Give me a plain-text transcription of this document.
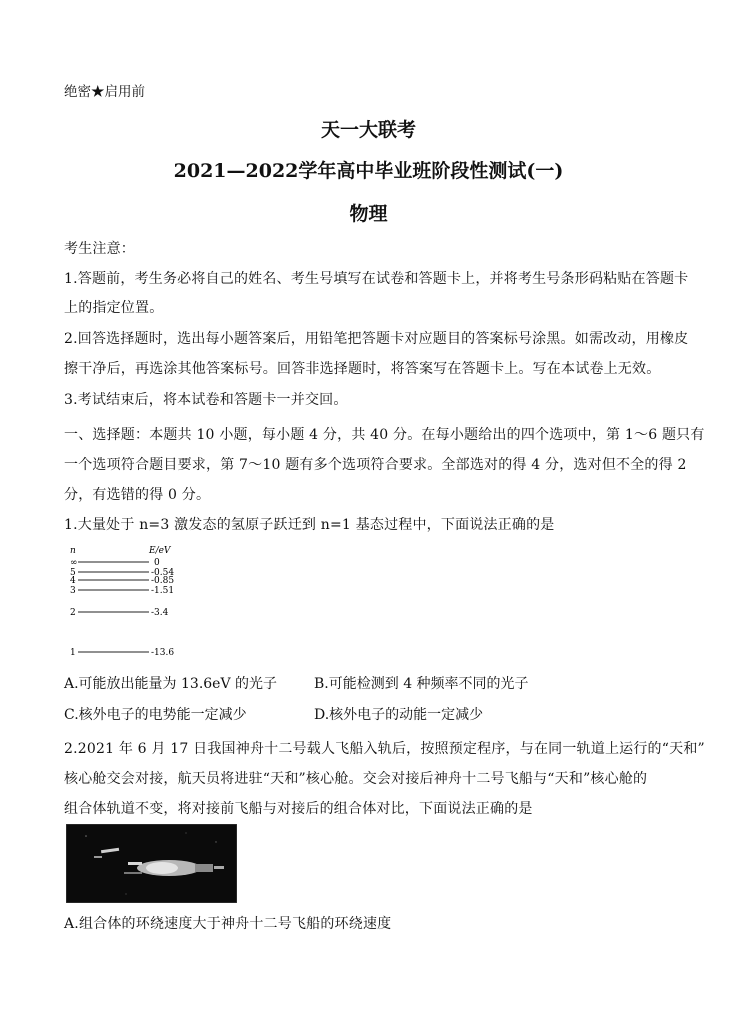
绝密★启用前
天一大联考
2021—2022学年高中毕业班阶段性测试(一)
物理
考生注意：
1.答题前，考生务必将自己的姓名、考生号填写在试卷和答题卡上，并将考生号条形码粘贴在答题卡
上的指定位置。
2.回答选择题时，选出每小题答案后，用铅笔把答题卡对应题目的答案标号涂黑。如需改动，用橡皮
擦干净后，再选涂其他答案标号。回答非选择题时，将答案写在答题卡上。写在本试卷上无效。
3.考试结束后，将本试卷和答题卡一并交回。
一、选择题：本题共 10 小题，每小题 4 分，共 40 分。在每小题给出的四个选项中，第 1～6 题只有
一个选项符合题目要求，第 7～10 题有多个选项符合要求。全部选对的得 4 分，选对但不全的得 2
分，有选错的得 0 分。
1.大量处于 n=3 激发态的氢原子跃迁到 n=1 基态过程中，下面说法正确的是
n	E/eV
∞	0
5	-0.54
4	-0.85
3	-1.51
2	-3.4
1	-13.6
A.可能放出能量为 13.6eV 的光子	B.可能检测到 4 种频率不同的光子
C.核外电子的电势能一定减少	D.核外电子的动能一定减少
2.2021 年 6 月 17 日我国神舟十二号载人飞船入轨后，按照预定程序，与在同一轨道上运行的“天和”
核心舱交会对接，航天员将进驻“天和”核心舱。交会对接后神舟十二号飞船与“天和”核心舱的
组合体轨道不变，将对接前飞船与对接后的组合体对比，下面说法正确的是
A.组合体的环绕速度大于神舟十二号飞船的环绕速度
